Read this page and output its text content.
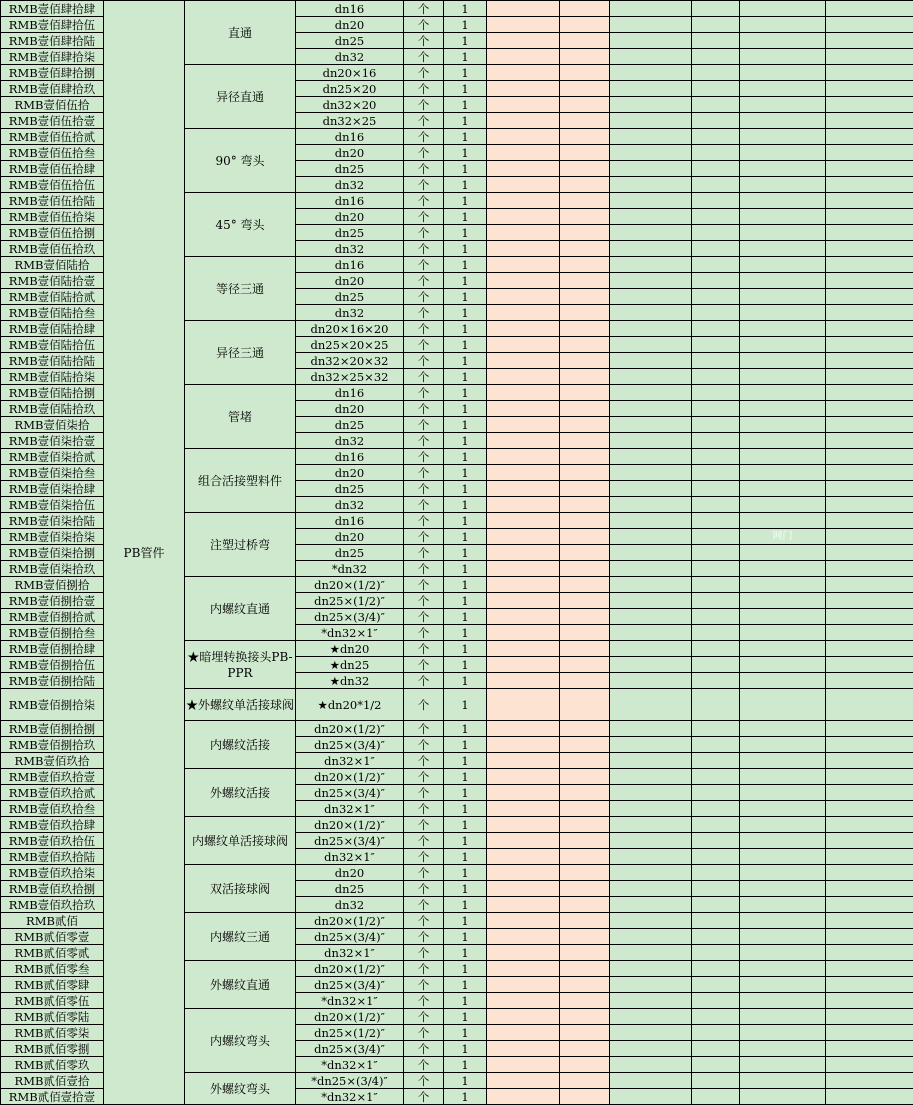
RMB壹佰肆拾肆	PB管件	直通	dn16	个	1						
RMB壹佰肆拾伍			dn20	个	1						
RMB壹佰肆拾陆			dn25	个	1						
RMB壹佰肆拾柒			dn32	个	1						
RMB壹佰肆拾捌		异径直通	dn20×16	个	1						
RMB壹佰肆拾玖			dn25×20	个	1						
RMB壹佰伍拾			dn32×20	个	1						
RMB壹佰伍拾壹			dn32×25	个	1						
RMB壹佰伍拾贰		90° 弯头	dn16	个	1						
RMB壹佰伍拾叁			dn20	个	1						
RMB壹佰伍拾肆			dn25	个	1						
RMB壹佰伍拾伍			dn32	个	1						
RMB壹佰伍拾陆		45° 弯头	dn16	个	1						
RMB壹佰伍拾柒			dn20	个	1						
RMB壹佰伍拾捌			dn25	个	1						
RMB壹佰伍拾玖			dn32	个	1						
RMB壹佰陆拾		等径三通	dn16	个	1						
RMB壹佰陆拾壹			dn20	个	1						
RMB壹佰陆拾贰			dn25	个	1						
RMB壹佰陆拾叁			dn32	个	1						
RMB壹佰陆拾肆		异径三通	dn20×16×20	个	1						
RMB壹佰陆拾伍			dn25×20×25	个	1						
RMB壹佰陆拾陆			dn32×20×32	个	1						
RMB壹佰陆拾柒			dn32×25×32	个	1						
RMB壹佰陆拾捌		管堵	dn16	个	1						
RMB壹佰陆拾玖			dn20	个	1						
RMB壹佰柒拾			dn25	个	1						
RMB壹佰柒拾壹			dn32	个	1						
RMB壹佰柒拾贰		组合活接塑料件	dn16	个	1						
RMB壹佰柒拾叁			dn20	个	1						
RMB壹佰柒拾肆			dn25	个	1						
RMB壹佰柒拾伍			dn32	个	1						
RMB壹佰柒拾陆		注塑过桥弯	dn16	个	1						
RMB壹佰柒拾柒			dn20	个	1					网门	
RMB壹佰柒拾捌			dn25	个	1						
RMB壹佰柒拾玖			*dn32	个	1						
RMB壹佰捌拾		内螺纹直通	dn20×(1/2)″	个	1						
RMB壹佰捌拾壹			dn25×(1/2)″	个	1						
RMB壹佰捌拾贰			dn25×(3/4)″	个	1						
RMB壹佰捌拾叁			*dn32×1″	个	1						
RMB壹佰捌拾肆		★暗埋转换接头PB-PPR	★dn20	个	1						
RMB壹佰捌拾伍			★dn25	个	1						
RMB壹佰捌拾陆			★dn32	个	1						
RMB壹佰捌拾柒		★外螺纹单活接球阀	★dn20*1/2	个	1						
RMB壹佰捌拾捌		内螺纹活接	dn20×(1/2)″	个	1						
RMB壹佰捌拾玖			dn25×(3/4)″	个	1						
RMB壹佰玖拾			dn32×1″	个	1						
RMB壹佰玖拾壹		外螺纹活接	dn20×(1/2)″	个	1						
RMB壹佰玖拾贰			dn25×(3/4)″	个	1						
RMB壹佰玖拾叁			dn32×1″	个	1						
RMB壹佰玖拾肆		内螺纹单活接球阀	dn20×(1/2)″	个	1						
RMB壹佰玖拾伍			dn25×(3/4)″	个	1						
RMB壹佰玖拾陆			dn32×1″	个	1						
RMB壹佰玖拾柒		双活接球阀	dn20	个	1						
RMB壹佰玖拾捌			dn25	个	1						
RMB壹佰玖拾玖			dn32	个	1						
RMB贰佰		内螺纹三通	dn20×(1/2)″	个	1						
RMB贰佰零壹			dn25×(3/4)″	个	1						
RMB贰佰零贰			dn32×1″	个	1						
RMB贰佰零叁		外螺纹直通	dn20×(1/2)″	个	1						
RMB贰佰零肆			dn25×(3/4)″	个	1						
RMB贰佰零伍			*dn32×1″	个	1						
RMB贰佰零陆		内螺纹弯头	dn20×(1/2)″	个	1						
RMB贰佰零柒			dn25×(1/2)″	个	1						
RMB贰佰零捌			dn25×(3/4)″	个	1						
RMB贰佰零玖			*dn32×1″	个	1						
RMB贰佰壹拾		外螺纹弯头	*dn25×(3/4)″	个	1						
RMB贰佰壹拾壹			*dn32×1″	个	1						
